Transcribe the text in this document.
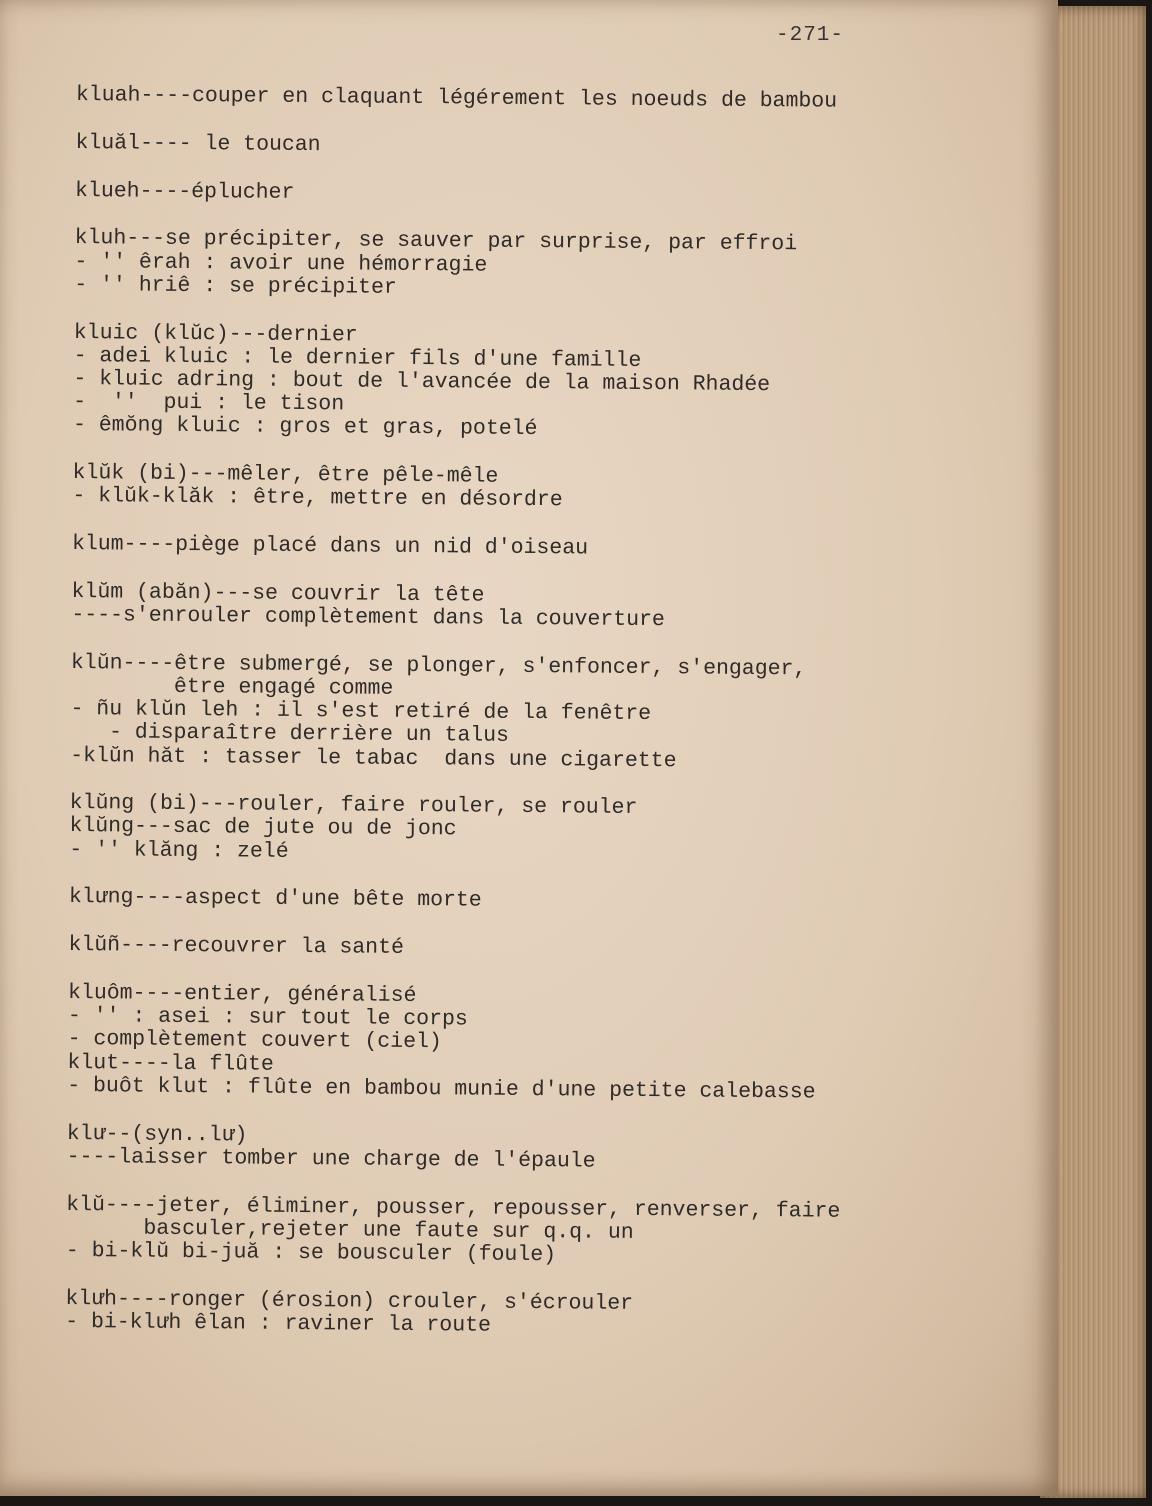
-271-

kluah----couper en claquant légérement les noeuds de bambou
kluăl---- le toucan
klueh----éplucher
kluh---se précipiter, se sauver par surprise, par effroi
- '' êrah : avoir une hémorragie
- '' hriê : se précipiter
kluic (klŭc)---dernier
- adei kluic : le dernier fils d'une famille
- kluic adring : bout de l'avancée de la maison Rhadée
-  ''  pui : le tison
- êmŏng kluic : gros et gras, potelé
klŭk (bi)---mêler, être pêle-mêle
- klŭk-klăk : être, mettre en désordre
klum----piège placé dans un nid d'oiseau
klŭm (abăn)---se couvrir la tête
----s'enrouler complètement dans la couverture
klŭn----être submergé, se plonger, s'enfoncer, s'engager,
être engagé comme
- ñu klŭn leh : il s'est retiré de la fenêtre
- disparaître derrière un talus
-klŭn hăt : tasser le tabac  dans une cigarette
klŭng (bi)---rouler, faire rouler, se rouler
klŭng---sac de jute ou de jonc
- '' klăng : zelé
klưng----aspect d'une bête morte
klŭñ----recouvrer la santé
kluôm----entier, généralisé
- '' : asei : sur tout le corps
- complètement couvert (ciel)
klut----la flûte
- buôt klut : flûte en bambou munie d'une petite calebasse
klư--(syn..lư)
----laisser tomber une charge de l'épaule
klŭ----jeter, éliminer, pousser, repousser, renverser, faire
basculer,rejeter une faute sur q.q. un
- bi-klŭ bi-juă : se bousculer (foule)
klưh----ronger (érosion) crouler, s'écrouler
- bi-klưh êlan : raviner la route
